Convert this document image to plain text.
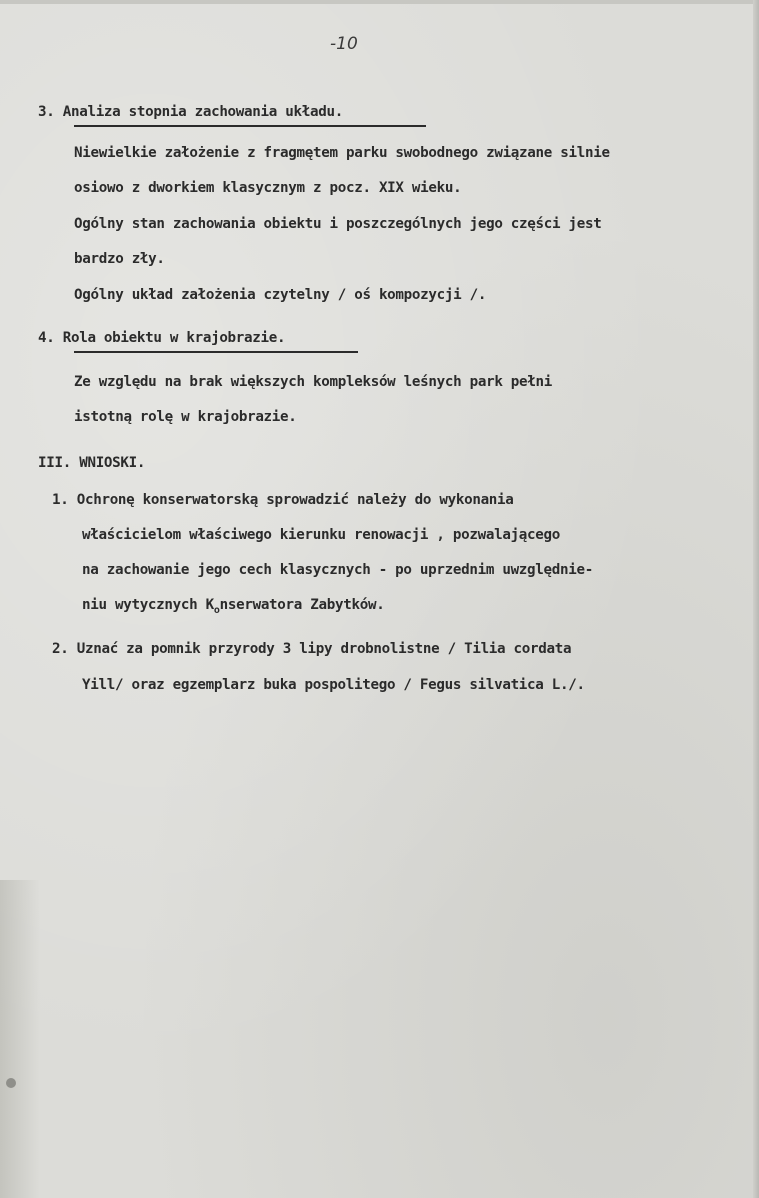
-10
3. Analiza stopnia zachowania układu.
Niewielkie założenie z fragmętem parku swobodnego związane silnie
osiowo z dworkiem klasycznym z pocz. XIX wieku.
Ogólny stan zachowania obiektu i poszczególnych jego części jest
bardzo zły.
Ogólny układ założenia czytelny / oś kompozycji /.
4. Rola obiektu w krajobrazie.
Ze względu na brak większych kompleksów leśnych park pełni
istotną rolę w krajobrazie.
III. WNIOSKI.
1. Ochronę konserwatorską sprowadzić należy do wykonania
właścicielom właściwego kierunku renowacji , pozwalającego
na zachowanie jego cech klasycznych - po uprzednim uwzględnie-
niu wytycznych $K_onserwatora$ Zabytków.
2. Uznać za pomnik przyrody 3 lipy drobnolistne / Tilia cordata
Yill/ oraz egzemplarz buka pospolitego / Fegus silvatica L./.
